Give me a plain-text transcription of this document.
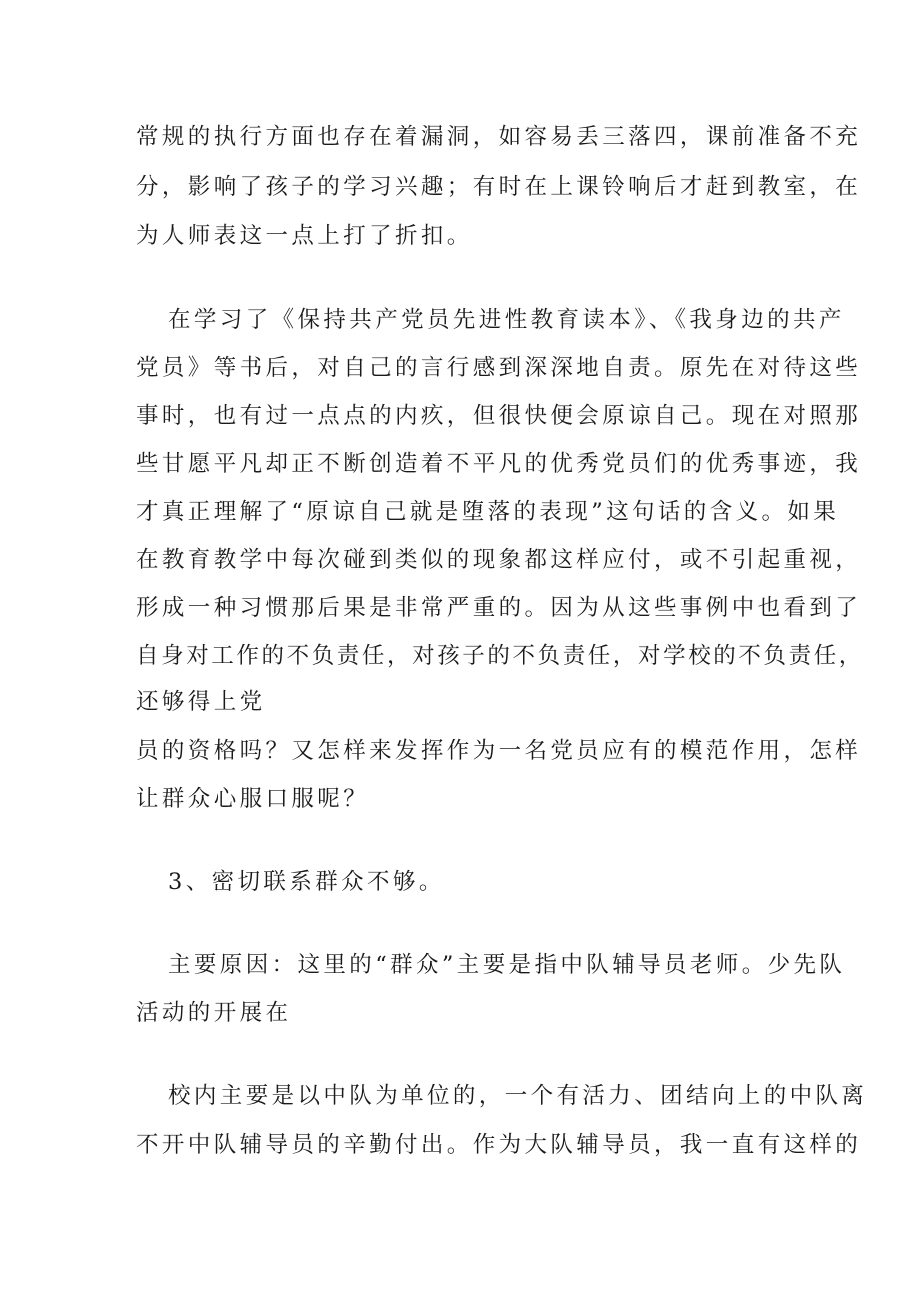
常规的执行方面也存在着漏洞，如容易丢三落四，课前准备不充
分，影响了孩子的学习兴趣；有时在上课铃响后才赶到教室，在
为人师表这一点上打了折扣。
在学习了《保持共产党员先进性教育读本》、《我身边的共产
党员》等书后，对自己的言行感到深深地自责。原先在对待这些
事时，也有过一点点的内疚，但很快便会原谅自己。现在对照那
些甘愿平凡却正不断创造着不平凡的优秀党员们的优秀事迹，我
才真正理解了“原谅自己就是堕落的表现”这句话的含义。如果
在教育教学中每次碰到类似的现象都这样应付，或不引起重视，
形成一种习惯那后果是非常严重的。因为从这些事例中也看到了
自身对工作的不负责任，对孩子的不负责任，对学校的不负责任，
还够得上党
员的资格吗？又怎样来发挥作为一名党员应有的模范作用，怎样
让群众心服口服呢？
3、密切联系群众不够。
主要原因：这里的“群众”主要是指中队辅导员老师。少先队
活动的开展在
校内主要是以中队为单位的，一个有活力、团结向上的中队离
不开中队辅导员的辛勤付出。作为大队辅导员，我一直有这样的
